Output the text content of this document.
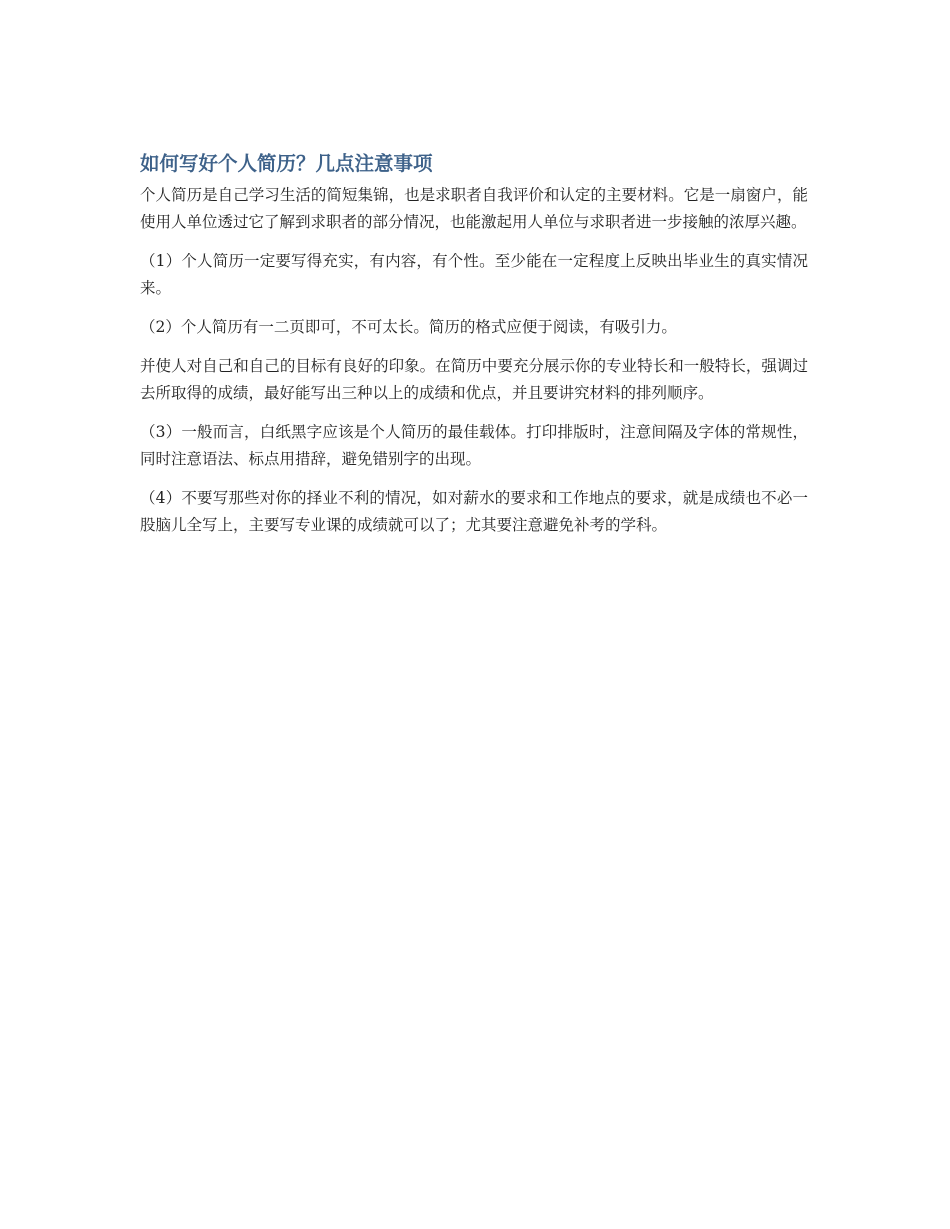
如何写好个人简历？几点注意事项

个人简历是自己学习生活的简短集锦，也是求职者自我评价和认定的主要材料。它是一扇窗户，能使用人单位透过它了解到求职者的部分情况，也能激起用人单位与求职者进一步接触的浓厚兴趣。

（1）个人简历一定要写得充实，有内容，有个性。至少能在一定程度上反映出毕业生的真实情况来。

（2）个人简历有一二页即可，不可太长。简历的格式应便于阅读，有吸引力。

并使人对自己和自己的目标有良好的印象。在简历中要充分展示你的专业特长和一般特长，强调过去所取得的成绩，最好能写出三种以上的成绩和优点，并且要讲究材料的排列顺序。

（3）一般而言，白纸黑字应该是个人简历的最佳载体。打印排版时，注意间隔及字体的常规性，同时注意语法、标点用措辞，避免错别字的出现。

（4）不要写那些对你的择业不利的情况，如对薪水的要求和工作地点的要求，就是成绩也不必一股脑儿全写上，主要写专业课的成绩就可以了；尤其要注意避免补考的学科。
